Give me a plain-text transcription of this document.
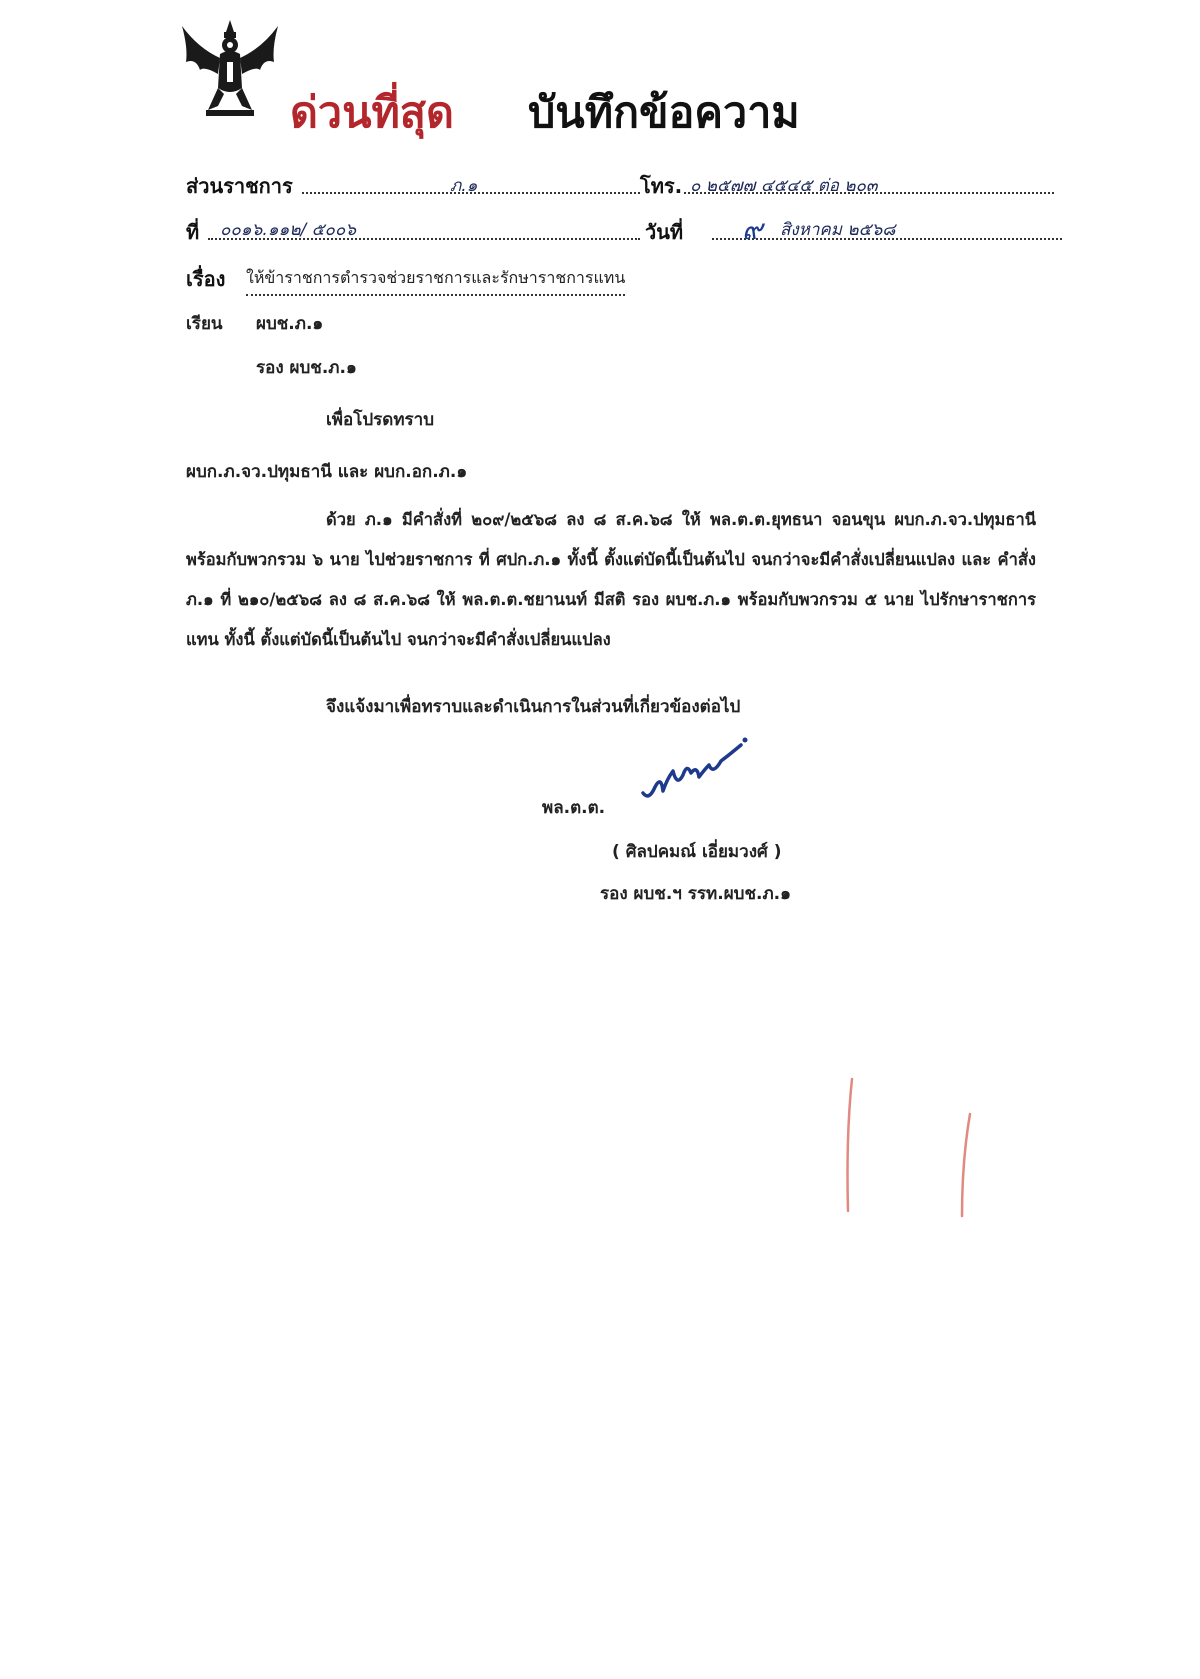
ด่วนที่สุด บันทึกข้อความ
ส่วนราชการ	ภ.๑	โทร. ๐ ๒๕๗๗ ๔๕๔๕ ต่อ ๒๐๓
ที่ ๐๐๑๖.๑๑๒/ ๕๐๐๖	วันที่ ๙ สิงหาคม ๒๕๖๘
เรื่อง ให้ข้าราชการตำรวจช่วยราชการและรักษาราชการแทน
เรียน ผบช.ภ.๑
รอง ผบช.ภ.๑
เพื่อโปรดทราบ
ผบก.ภ.จว.ปทุมธานี และ ผบก.อก.ภ.๑
ด้วย ภ.๑ มีคำสั่งที่ ๒๐๙/๒๕๖๘ ลง ๘ ส.ค.๖๘ ให้ พล.ต.ต.ยุทธนา จอนขุน ผบก.ภ.จว.ปทุมธานี พร้อมกับพวกรวม ๖ นาย ไปช่วยราชการ ที่ ศปก.ภ.๑ ทั้งนี้ ตั้งแต่บัดนี้เป็นต้นไป จนกว่าจะมีคำสั่งเปลี่ยนแปลง และ คำสั่ง ภ.๑ ที่ ๒๑๐/๒๕๖๘ ลง ๘ ส.ค.๖๘ ให้ พล.ต.ต.ชยานนท์ มีสติ รอง ผบช.ภ.๑ พร้อมกับพวกรวม ๕ นาย ไปรักษาราชการแทน ทั้งนี้ ตั้งแต่บัดนี้เป็นต้นไป จนกว่าจะมีคำสั่งเปลี่ยนแปลง
จึงแจ้งมาเพื่อทราบและดำเนินการในส่วนที่เกี่ยวข้องต่อไป
พล.ต.ต.
( ศิลปคมณ์ เอี่ยมวงศ์ )
รอง ผบช.ฯ รรท.ผบช.ภ.๑
